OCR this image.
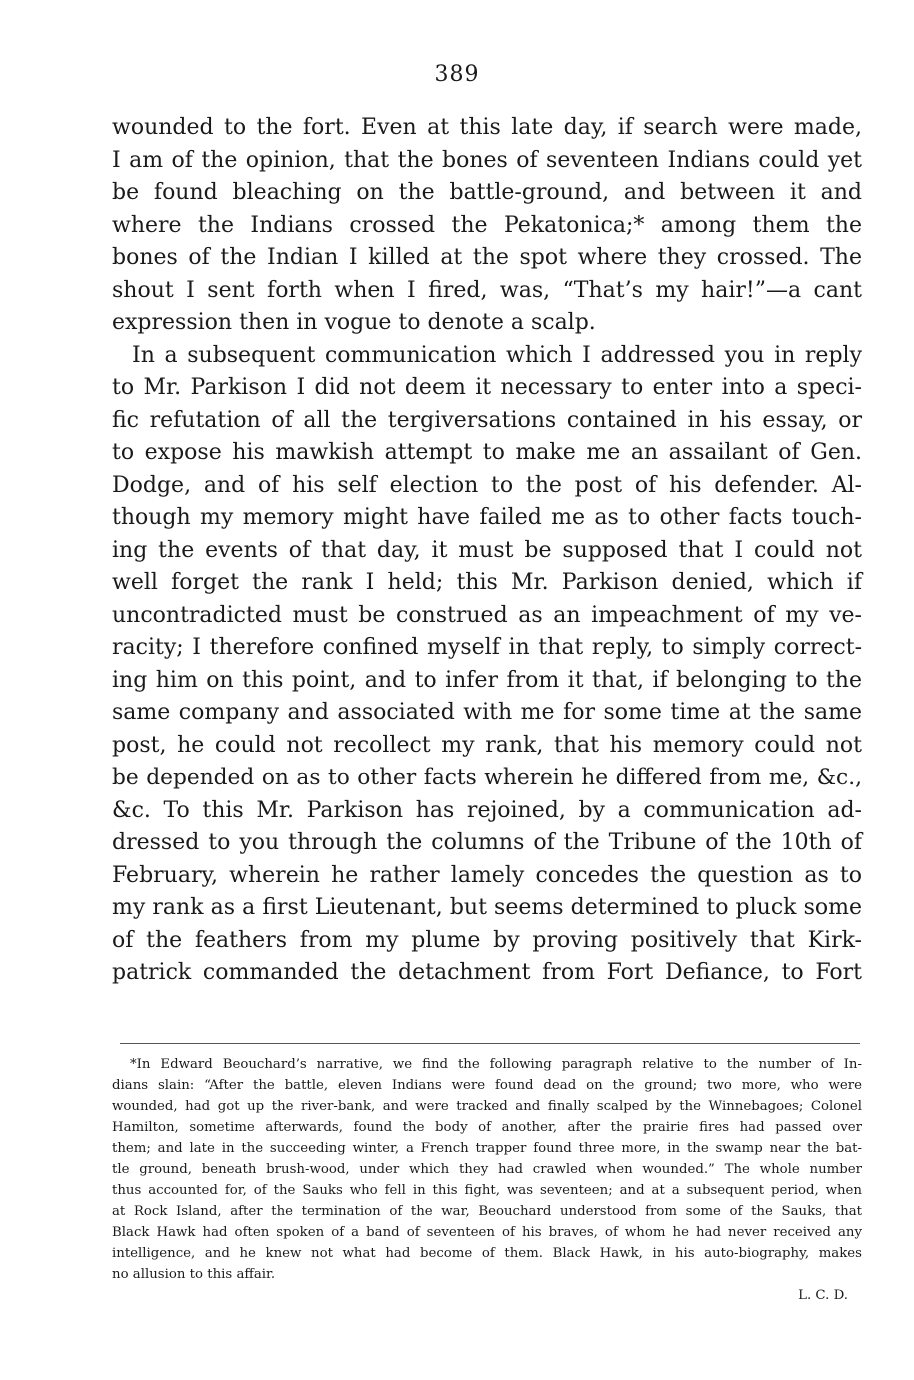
389
wounded to the fort. Even at this late day, if search were made,
I am of the opinion, that the bones of seventeen Indians could yet
be found bleaching on the battle-ground, and between it and
where the Indians crossed the Pekatonica;* among them the
bones of the Indian I killed at the spot where they crossed. The
shout I sent forth when I fired, was, “That’s my hair!”—a cant
expression then in vogue to denote a scalp.
In a subsequent communication which I addressed you in reply
to Mr. Parkison I did not deem it necessary to enter into a speci-
fic refutation of all the tergiversations contained in his essay, or
to expose his mawkish attempt to make me an assailant of Gen.
Dodge, and of his self election to the post of his defender. Al-
though my memory might have failed me as to other facts touch-
ing the events of that day, it must be supposed that I could not
well forget the rank I held; this Mr. Parkison denied, which if
uncontradicted must be construed as an impeachment of my ve-
racity; I therefore confined myself in that reply, to simply correct-
ing him on this point, and to infer from it that, if belonging to the
same company and associated with me for some time at the same
post, he could not recollect my rank, that his memory could not
be depended on as to other facts wherein he differed from me, &c.,
&c. To this Mr. Parkison has rejoined, by a communication ad-
dressed to you through the columns of the Tribune of the 10th of
February, wherein he rather lamely concedes the question as to
my rank as a first Lieutenant, but seems determined to pluck some
of the feathers from my plume by proving positively that Kirk-
patrick commanded the detachment from Fort Defiance, to Fort
*In Edward Beouchard’s narrative, we find the following paragraph relative to the number of In-
dians slain: “After the battle, eleven Indians were found dead on the ground; two more, who were
wounded, had got up the river-bank, and were tracked and finally scalped by the Winnebagoes; Colonel
Hamilton, sometime afterwards, found the body of another, after the prairie fires had passed over
them; and late in the succeeding winter, a French trapper found three more, in the swamp near the bat-
tle ground, beneath brush-wood, under which they had crawled when wounded.” The whole number
thus accounted for, of the Sauks who fell in this fight, was seventeen; and at a subsequent period, when
at Rock Island, after the termination of the war, Beouchard understood from some of the Sauks, that
Black Hawk had often spoken of a band of seventeen of his braves, of whom he had never received any
intelligence, and he knew not what had become of them. Black Hawk, in his auto-biography, makes
no allusion to this affair.
L. C. D.
